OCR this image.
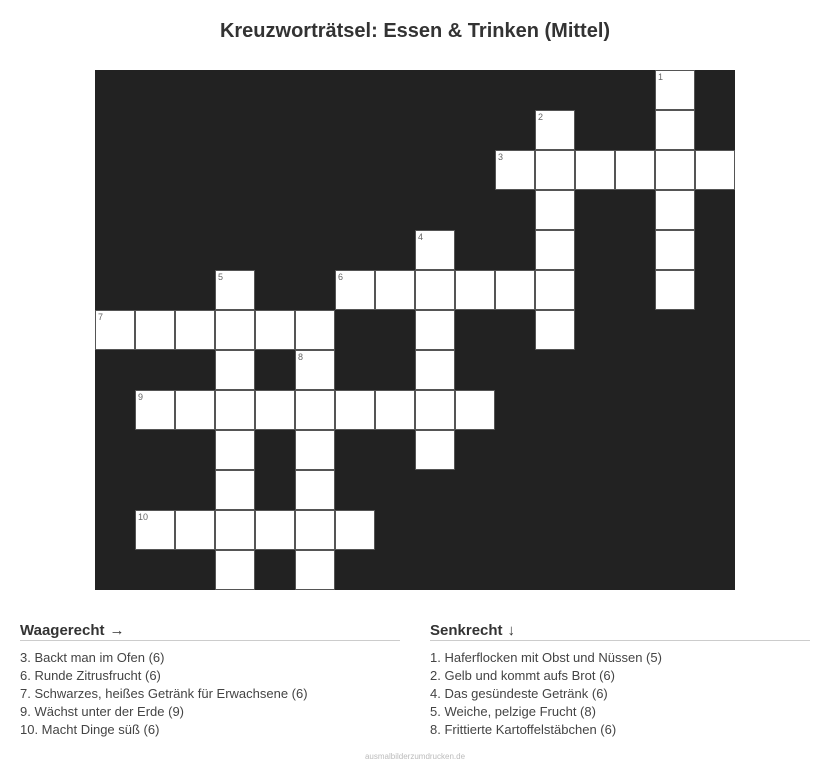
Kreuzworträtsel: Essen & Trinken (Mittel)
1
2
3
4
5	6
7
8
9
10
Waagerecht →
3. Backt man im Ofen (6)
6. Runde Zitrusfrucht (6)
7. Schwarzes, heißes Getränk für Erwachsene (6)
9. Wächst unter der Erde (9)
10. Macht Dinge süß (6)
Senkrecht ↓
1. Haferflocken mit Obst und Nüssen (5)
2. Gelb und kommt aufs Brot (6)
4. Das gesündeste Getränk (6)
5. Weiche, pelzige Frucht (8)
8. Frittierte Kartoffelstäbchen (6)
ausmalbilderzumdrucken.de
